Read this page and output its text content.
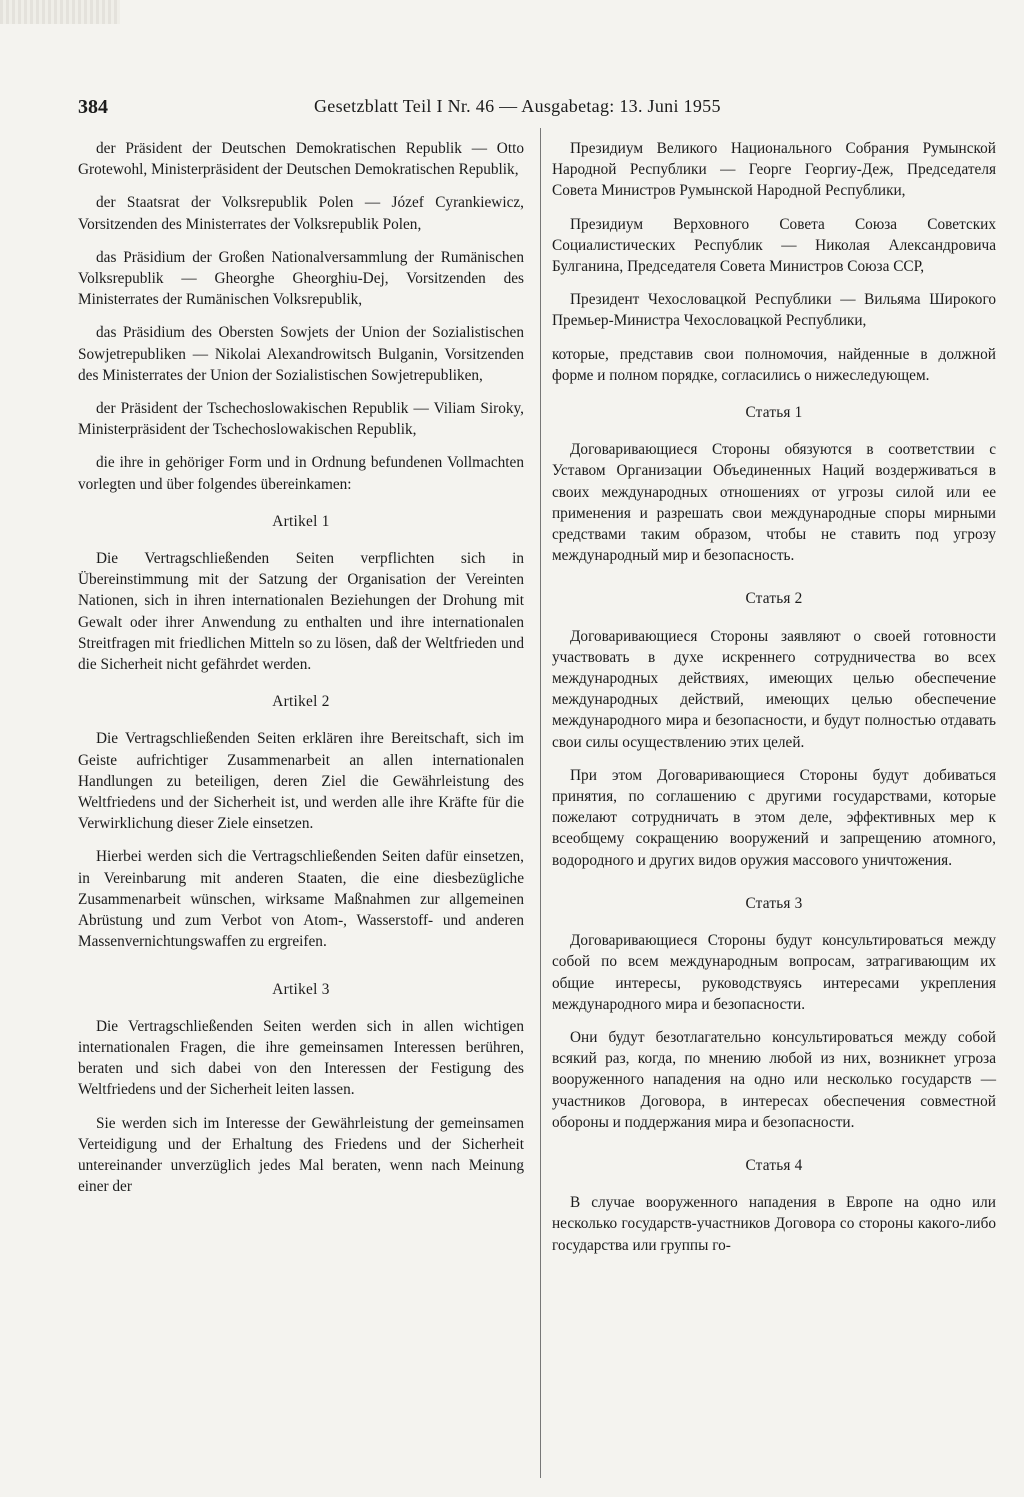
384	Gesetzblatt Teil I Nr. 46 — Ausgabetag: 13. Juni 1955

der Präsident der Deutschen Demokratischen Republik — Otto Grotewohl, Ministerpräsident der Deutschen Demokratischen Republik,

der Staatsrat der Volksrepublik Polen — Józef Cyrankiewicz, Vorsitzenden des Ministerrates der Volksrepublik Polen,

das Präsidium der Großen Nationalversammlung der Rumänischen Volksrepublik — Gheorghe Gheorghiu-Dej, Vorsitzenden des Ministerrates der Rumänischen Volksrepublik,

das Präsidium des Obersten Sowjets der Union der Sozialistischen Sowjetrepubliken — Nikolai Alexandrowitsch Bulganin, Vorsitzenden des Ministerrates der Union der Sozialistischen Sowjetrepubliken,

der Präsident der Tschechoslowakischen Republik — Viliam Siroky, Ministerpräsident der Tschechoslowakischen Republik,

die ihre in gehöriger Form und in Ordnung befundenen Vollmachten vorlegten und über folgendes übereinkamen:

Artikel 1

Die Vertragschließenden Seiten verpflichten sich in Übereinstimmung mit der Satzung der Organisation der Vereinten Nationen, sich in ihren internationalen Beziehungen der Drohung mit Gewalt oder ihrer Anwendung zu enthalten und ihre internationalen Streitfragen mit friedlichen Mitteln so zu lösen, daß der Weltfrieden und die Sicherheit nicht gefährdet werden.

Artikel 2

Die Vertragschließenden Seiten erklären ihre Bereitschaft, sich im Geiste aufrichtiger Zusammenarbeit an allen internationalen Handlungen zu beteiligen, deren Ziel die Gewährleistung des Weltfriedens und der Sicherheit ist, und werden alle ihre Kräfte für die Verwirklichung dieser Ziele einsetzen.

Hierbei werden sich die Vertragschließenden Seiten dafür einsetzen, in Vereinbarung mit anderen Staaten, die eine diesbezügliche Zusammenarbeit wünschen, wirksame Maßnahmen zur allgemeinen Abrüstung und zum Verbot von Atom-, Wasserstoff- und anderen Massenvernichtungswaffen zu ergreifen.

Artikel 3

Die Vertragschließenden Seiten werden sich in allen wichtigen internationalen Fragen, die ihre gemeinsamen Interessen berühren, beraten und sich dabei von den Interessen der Festigung des Weltfriedens und der Sicherheit leiten lassen.

Sie werden sich im Interesse der Gewährleistung der gemeinsamen Verteidigung und der Erhaltung des Friedens und der Sicherheit untereinander unverzüglich jedes Mal beraten, wenn nach Meinung einer der

Президиум Великого Национального Собрания Румынской Народной Республики — Георге Георгиу-Деж, Председателя Совета Министров Румынской Народной Республики,

Президиум Верховного Совета Союза Советских Социалистических Республик — Николая Александровича Булганина, Председателя Совета Министров Союза ССР,

Президент Чехословацкой Республики — Вильяма Широкого Премьер-Министра Чехословацкой Республики,

которые, представив свои полномочия, найденные в должной форме и полном порядке, согласились о нижеследующем.

Статья 1

Договаривающиеся Стороны обязуются в соответствии с Уставом Организации Объединенных Наций воздерживаться в своих международных отношениях от угрозы силой или ее применения и разрешать свои международные споры мирными средствами таким образом, чтобы не ставить под угрозу международный мир и безопасность.

Статья 2

Договаривающиеся Стороны заявляют о своей готовности участвовать в духе искреннего сотрудничества во всех международных действиях, имеющих целью обеспечение международных действий, имеющих целью обеспечение международного мира и безопасности, и будут полностью отдавать свои силы осуществлению этих целей.

При этом Договаривающиеся Стороны будут добиваться принятия, по соглашению с другими государствами, которые пожелают сотрудничать в этом деле, эффективных мер к всеобщему сокращению вооружений и запрещению атомного, водородного и других видов оружия массового уничтожения.

Статья 3

Договаривающиеся Стороны будут консультироваться между собой по всем международным вопросам, затрагивающим их общие интересы, руководствуясь интересами укрепления международного мира и безопасности.

Они будут безотлагательно консультироваться между собой всякий раз, когда, по мнению любой из них, возникнет угроза вооруженного нападения на одно или несколько государств — участников Договора, в интересах обеспечения совместной обороны и поддержания мира и безопасности.

Статья 4

В случае вооруженного нападения в Европе на одно или несколько государств-участников Договора со стороны какого-либо государства или группы го-
